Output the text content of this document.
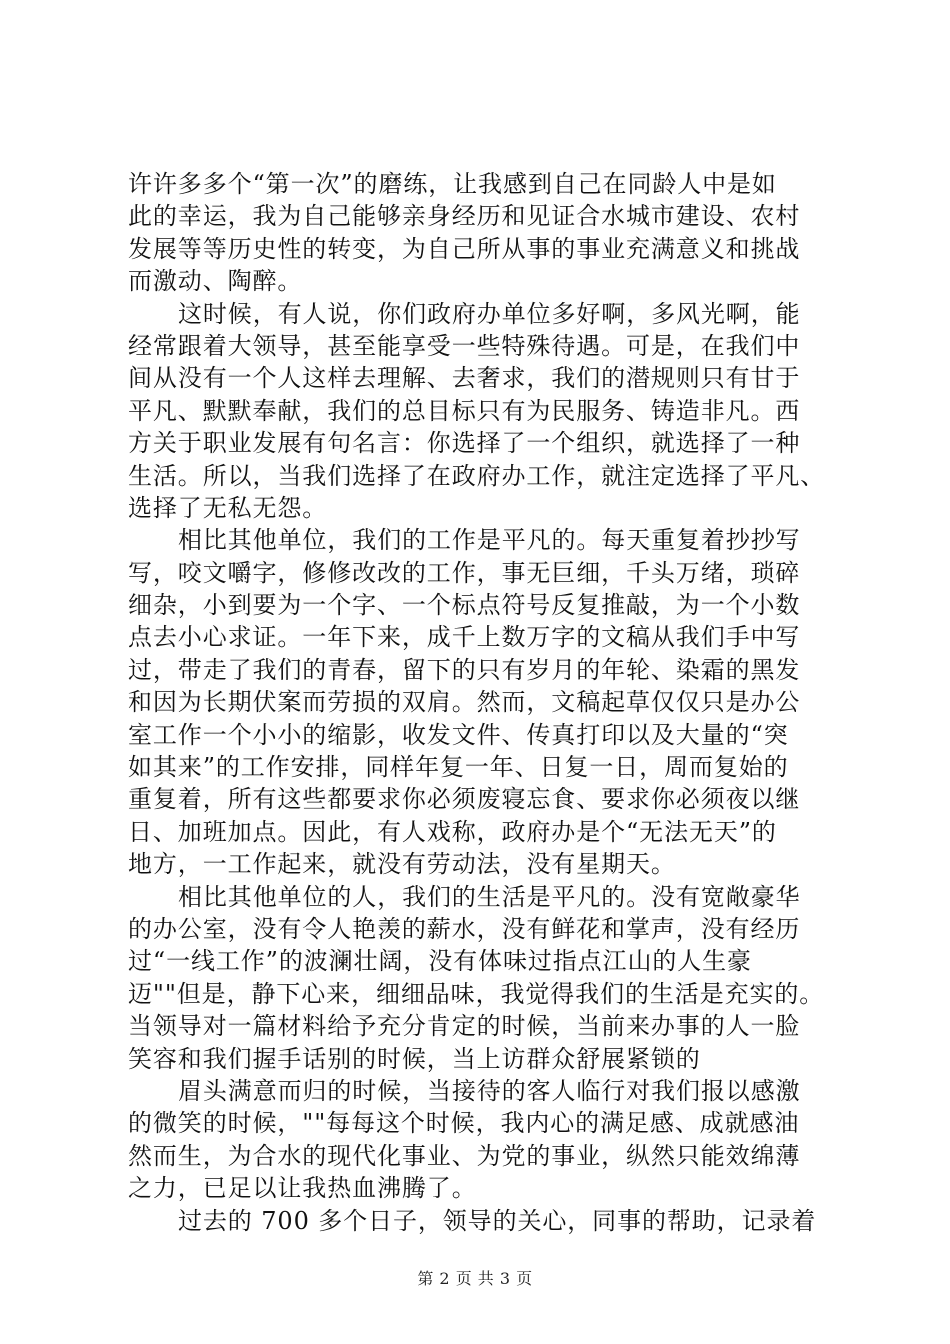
许许多多个“第一次”的磨练，让我感到自己在同龄人中是如
此的幸运，我为自己能够亲身经历和见证合水城市建设、农村
发展等等历史性的转变，为自己所从事的事业充满意义和挑战
而激动、陶醉。
这时候，有人说，你们政府办单位多好啊，多风光啊，能
经常跟着大领导，甚至能享受一些特殊待遇。可是，在我们中
间从没有一个人这样去理解、去奢求，我们的潜规则只有甘于
平凡、默默奉献，我们的总目标只有为民服务、铸造非凡。西
方关于职业发展有句名言：你选择了一个组织，就选择了一种
生活。所以，当我们选择了在政府办工作，就注定选择了平凡、
选择了无私无怨。
相比其他单位，我们的工作是平凡的。每天重复着抄抄写
写，咬文嚼字，修修改改的工作，事无巨细，千头万绪，琐碎
细杂，小到要为一个字、一个标点符号反复推敲，为一个小数
点去小心求证。一年下来，成千上数万字的文稿从我们手中写
过，带走了我们的青春，留下的只有岁月的年轮、染霜的黑发
和因为长期伏案而劳损的双肩。然而，文稿起草仅仅只是办公
室工作一个小小的缩影，收发文件、传真打印以及大量的“突
如其来”的工作安排，同样年复一年、日复一日，周而复始的
重复着，所有这些都要求你必须废寝忘食、要求你必须夜以继
日、加班加点。因此，有人戏称，政府办是个“无法无天”的
地方，一工作起来，就没有劳动法，没有星期天。
相比其他单位的人，我们的生活是平凡的。没有宽敞豪华
的办公室，没有令人艳羡的薪水，没有鲜花和掌声，没有经历
过“一线工作”的波澜壮阔，没有体味过指点江山的人生豪
迈""但是，静下心来，细细品味，我觉得我们的生活是充实的。
当领导对一篇材料给予充分肯定的时候，当前来办事的人一脸
笑容和我们握手话别的时候，当上访群众舒展紧锁的
眉头满意而归的时候，当接待的客人临行对我们报以感激
的微笑的时候，""每每这个时候，我内心的满足感、成就感油
然而生，为合水的现代化事业、为党的事业，纵然只能效绵薄
之力，已足以让我热血沸腾了。
过去的 700 多个日子，领导的关心，同事的帮助，记录着
第 2 页 共 3 页
